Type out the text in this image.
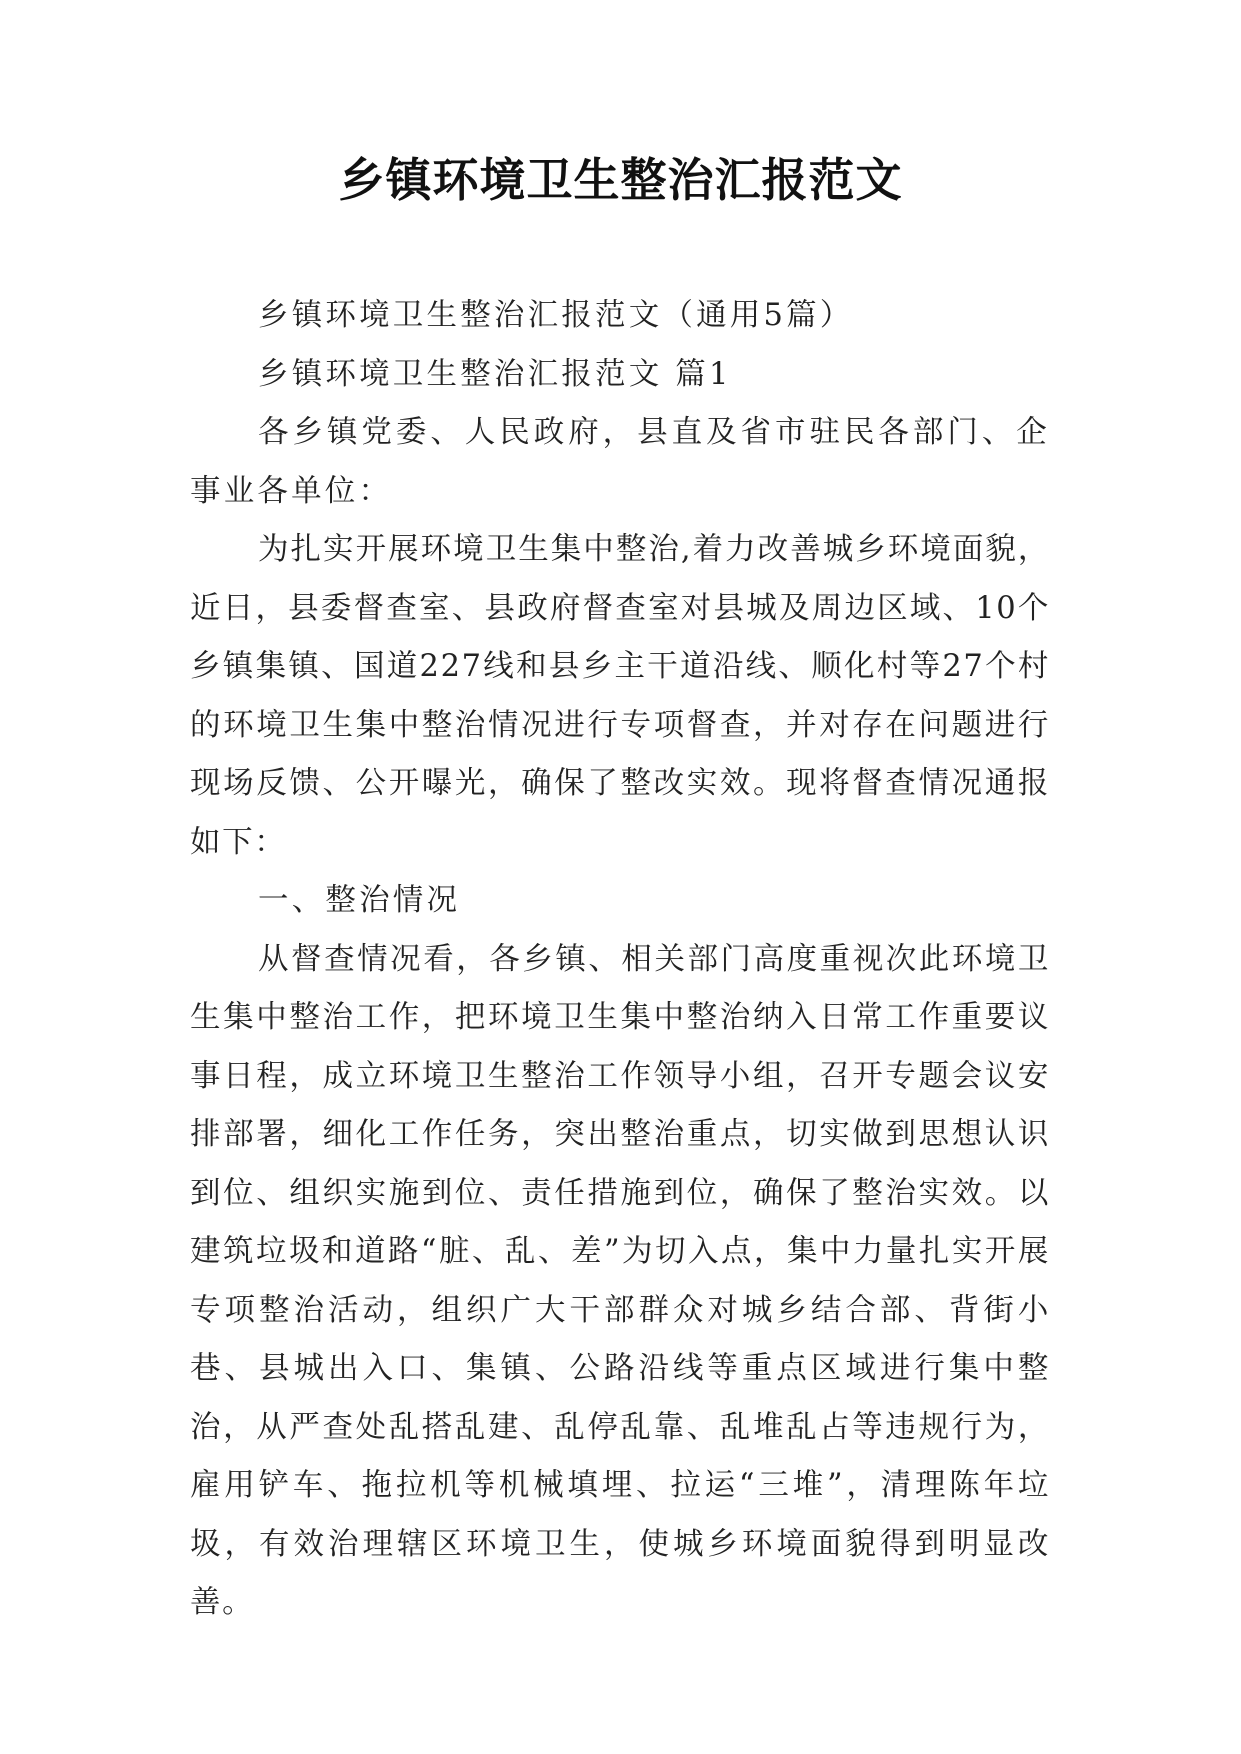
乡镇环境卫生整治汇报范文

乡镇环境卫生整治汇报范文（通用5篇）

乡镇环境卫生整治汇报范文 篇1

各乡镇党委、人民政府，县直及省市驻民各部门、企事业各单位：

为扎实开展环境卫生集中整治,着力改善城乡环境面貌，近日，县委督查室、县政府督查室对县城及周边区域、10个乡镇集镇、国道227线和县乡主干道沿线、顺化村等27个村的环境卫生集中整治情况进行专项督查，并对存在问题进行现场反馈、公开曝光，确保了整改实效。现将督查情况通报如下：

一、整治情况

从督查情况看，各乡镇、相关部门高度重视次此环境卫生集中整治工作，把环境卫生集中整治纳入日常工作重要议事日程，成立环境卫生整治工作领导小组，召开专题会议安排部署，细化工作任务，突出整治重点，切实做到思想认识到位、组织实施到位、责任措施到位，确保了整治实效。以建筑垃圾和道路“脏、乱、差”为切入点，集中力量扎实开展专项整治活动，组织广大干部群众对城乡结合部、背街小巷、县城出入口、集镇、公路沿线等重点区域进行集中整治，从严查处乱搭乱建、乱停乱靠、乱堆乱占等违规行为，雇用铲车、拖拉机等机械填埋、拉运“三堆”，清理陈年垃圾，有效治理辖区环境卫生，使城乡环境面貌得到明显改善。
